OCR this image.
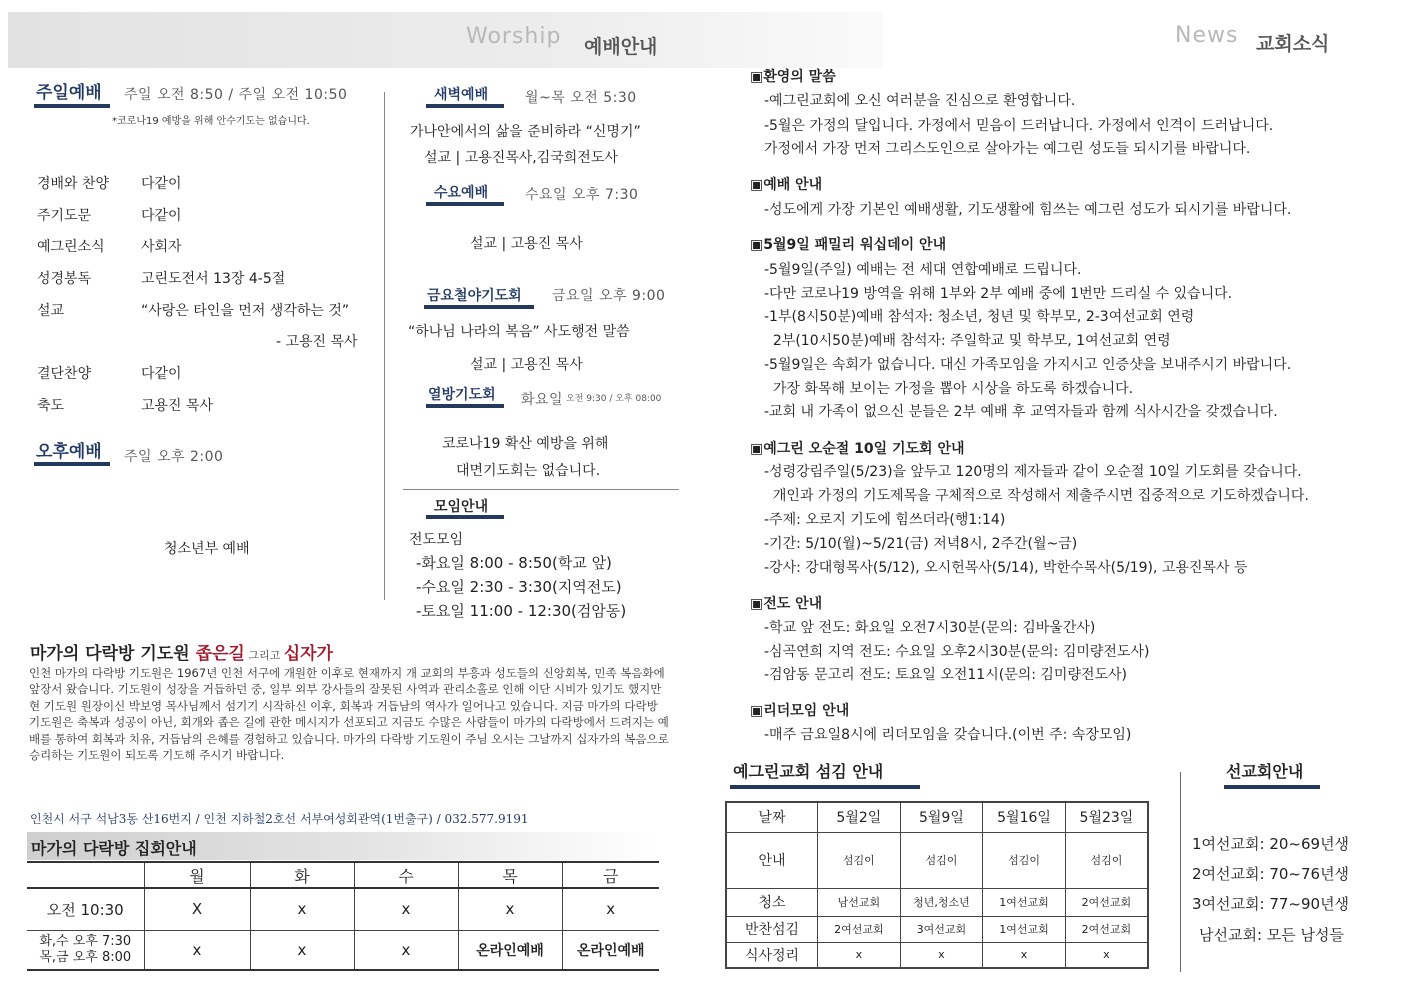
Worship 예배안내	News 교회소식
주일예배 주일 오전 8:50 / 주일 오전 10:50
*코로나19 예방을 위해 안수기도는 없습니다.
경배와 찬양 다같이
주기도문	다같이
예그린소식	사회자
성경봉독	고린도전서 13장 4-5절
설교	“사랑은 타인을 먼저 생각하는 것”
- 고용진 목사
결단찬양	다같이
축도	고용진 목사
오후예배 주일 오후 2:00
청소년부 예배
새벽예배	월~목 오전 5:30
가나안에서의 삶을 준비하라 “신명기”
설교 | 고용진목사,김국희전도사
수요예배	수요일 오후 7:30
설교 | 고용진 목사
금요철야기도회 금요일 오후 9:00
“하나님 나라의 복음” 사도행전 말씀
설교 | 고용진 목사
열방기도회 화요일 오전 9:30 / 오후 08:00
코로나19 확산 예방을 위해
대면기도회는 없습니다.
모임안내
전도모임
-화요일 8:00 - 8:50(학교 앞)
-수요일 2:30 - 3:30(지역전도)
-토요일 11:00 - 12:30(검암동)
마가의 다락방 기도원 좁은길 그리고 십자가
인천 마가의 다락방 기도원은 1967년 인천 서구에 개원한 이후로 현재까지 개 교회의 부흥과 성도들의 신앙회복, 민족 복음화에 앞장서 왔습니다. 기도원이 성장을 거듭하던 중, 일부 외부 강사들의 잘못된 사역과 관리소홀로 인해 이단 시비가 있기도 했지만 현 기도원 원장이신 박보영 목사님께서 섬기기 시작하신 이후, 회복과 거듭남의 역사가 일어나고 있습니다. 지금 마가의 다락방 기도원은 축복과 성공이 아닌, 회개와 좁은 길에 관한 메시지가 선포되고 지금도 수많은 사람들이 마가의 다락방에서 드려지는 예배를 통하여 회복과 치유, 거듭남의 은혜를 경험하고 있습니다. 마가의 다락방 기도원이 주님 오시는 그날까지 십자가의 복음으로 승리하는 기도원이 되도록 기도해 주시기 바랍니다.
인천시 서구 석남3동 산16번지 / 인천 지하철2호선 서부여성회관역(1번출구) / 032.577.9191
마가의 다락방 집회안내
	월	화	수	목	금
오전 10:30	X	x	x	x	x
화,수 오후 7:30
목,금 오후 8:00	x	x	x	온라인예배	온라인예배
▣환영의 말씀
-예그린교회에 오신 여러분을 진심으로 환영합니다.
-5월은 가정의 달입니다. 가정에서 믿음이 드러납니다. 가정에서 인격이 드러납니다.
가정에서 가장 먼저 그리스도인으로 살아가는 예그린 성도들 되시기를 바랍니다.
▣예배 안내
-성도에게 가장 기본인 예배생활, 기도생활에 힘쓰는 예그린 성도가 되시기를 바랍니다.
▣5월9일 패밀리 워십데이 안내
-5월9일(주일) 예배는 전 세대 연합예배로 드립니다.
-다만 코로나19 방역을 위해 1부와 2부 예배 중에 1번만 드리실 수 있습니다.
-1부(8시50분)예배 참석자: 청소년, 청년 및 학부모, 2-3여선교회 연령
2부(10시50분)예배 참석자: 주일학교 및 학부모, 1여선교회 연령
-5월9일은 속회가 없습니다. 대신 가족모임을 가지시고 인증샷을 보내주시기 바랍니다.
가장 화목해 보이는 가정을 뽑아 시상을 하도록 하겠습니다.
-교회 내 가족이 없으신 분들은 2부 예배 후 교역자들과 함께 식사시간을 갖겠습니다.
▣예그린 오순절 10일 기도회 안내
-성령강림주일(5/23)을 앞두고 120명의 제자들과 같이 오순절 10일 기도회를 갖습니다.
개인과 가정의 기도제목을 구체적으로 작성해서 제출주시면 집중적으로 기도하겠습니다.
-주제: 오로지 기도에 힘쓰더라(행1:14)
-기간: 5/10(월)~5/21(금) 저녁8시, 2주간(월~금)
-강사: 강대형목사(5/12), 오시헌목사(5/14), 박한수목사(5/19), 고용진목사 등
▣전도 안내
-학교 앞 전도: 화요일 오전7시30분(문의: 김바울간사)
-심곡연희 지역 전도: 수요일 오후2시30분(문의: 김미량전도사)
-검암동 문고리 전도: 토요일 오전11시(문의: 김미량전도사)
▣리더모임 안내
-매주 금요일8시에 리더모임을 갖습니다.(이번 주: 속장모임)
예그린교회 섬김 안내
날짜	5월2일	5월9일	5월16일	5월23일
안내	섬김이	섬김이	섬김이	섬김이
청소	남선교회	청년,청소년	1여선교회	2여선교회
반찬섬김	2여선교회	3여선교회	1여선교회	2여선교회
식사정리	x	x	x	x
선교회안내
1여선교회: 20~69년생
2여선교회: 70~76년생
3여선교회: 77~90년생
남선교회: 모든 남성들
